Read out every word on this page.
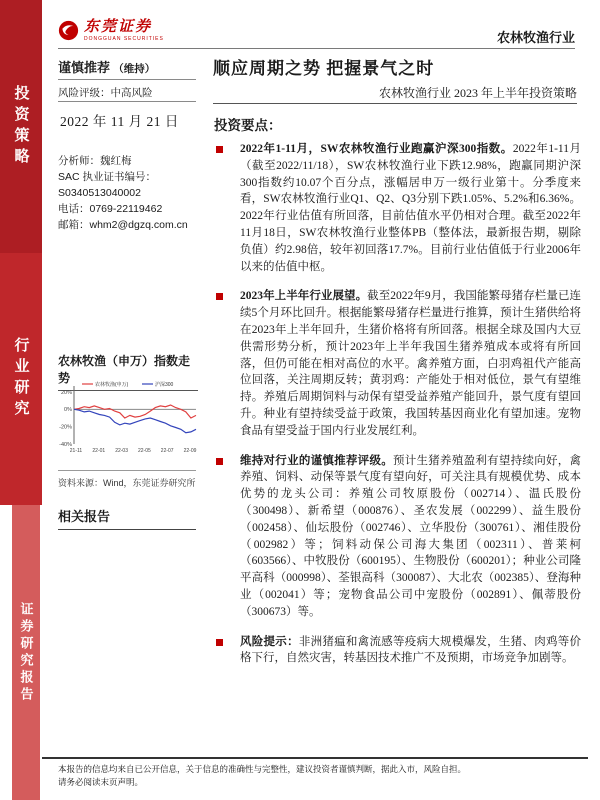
投资策略
行业研究
证券研究报告
东莞证券
DONGGUAN SECURITIES	农林牧渔行业
谨慎推荐 （维持）
风险评级：中高风险
2022 年 11 月 21 日
分析师：魏红梅
SAC 执业证书编号：
S0340513040002
电话：0769-22119462
邮箱：whm2@dgzq.com.cn
农林牧渔（申万）指数走势
20%
0%
-20%
-40%
21-11 22-01 22-03 22-05 22-07 22-09
农林牧渔(申万)	沪深300
资料来源：Wind，东莞证券研究所
相关报告
顺应周期之势 把握景气之时
农林牧渔行业 2023 年上半年投资策略
投资要点：
2022年1-11月，SW农林牧渔行业跑赢沪深300指数。2022年1-11月（截至2022/11/18），SW农林牧渔行业下跌12.98%，跑赢同期沪深300指数约10.07个百分点，涨幅居申万一级行业第十。分季度来看，SW农林牧渔行业Q1、Q2、Q3分别下跌1.05%、5.2%和6.36%。2022年行业估值有所回落，目前估值水平仍相对合理。截至2022年11月18日，SW农林牧渔行业整体PB（整体法，最新报告期，剔除负值）约2.98倍，较年初回落17.7%。目前行业估值低于行业2006年以来的估值中枢。
2023年上半年行业展望。截至2022年9月，我国能繁母猪存栏量已连续5个月环比回升。根据能繁母猪存栏量进行推算，预计生猪供给将在2023年上半年回升，生猪价格将有所回落。根据全球及国内大豆供需形势分析，预计2023年上半年我国生猪养殖成本或将有所回落，但仍可能在相对高位的水平。禽养殖方面，白羽鸡祖代产能高位回落，关注周期反转；黄羽鸡：产能处于相对低位，景气有望维持。养殖后周期饲料与动保有望受益养殖产能回升，景气度有望回升。种业有望持续受益于政策，我国转基因商业化有望加速。宠物食品有望受益于国内行业发展红利。
维持对行业的谨慎推荐评级。预计生猪养殖盈利有望持续向好，禽养殖、饲料、动保等景气度有望向好，可关注具有规模优势、成本优势的龙头公司：养殖公司牧原股份（002714）、温氏股份（300498）、新希望（000876）、圣农发展（002299）、益生股份（002458）、仙坛股份（002746）、立华股份（300761）、湘佳股份（002982）等；饲料动保公司海大集团（002311）、普莱柯（603566）、中牧股份（600195）、生物股份（600201）；种业公司隆平高科（000998）、荃银高科（300087）、大北农（002385）、登海种业（002041）等；宠物食品公司中宠股份（002891）、佩蒂股份（300673）等。
风险提示：非洲猪瘟和禽流感等疫病大规模爆发，生猪、肉鸡等价格下行，自然灾害，转基因技术推广不及预期，市场竞争加剧等。
本报告的信息均来自已公开信息，关于信息的准确性与完整性，建议投资者谨慎判断，据此入市，风险自担。
请务必阅读末页声明。
